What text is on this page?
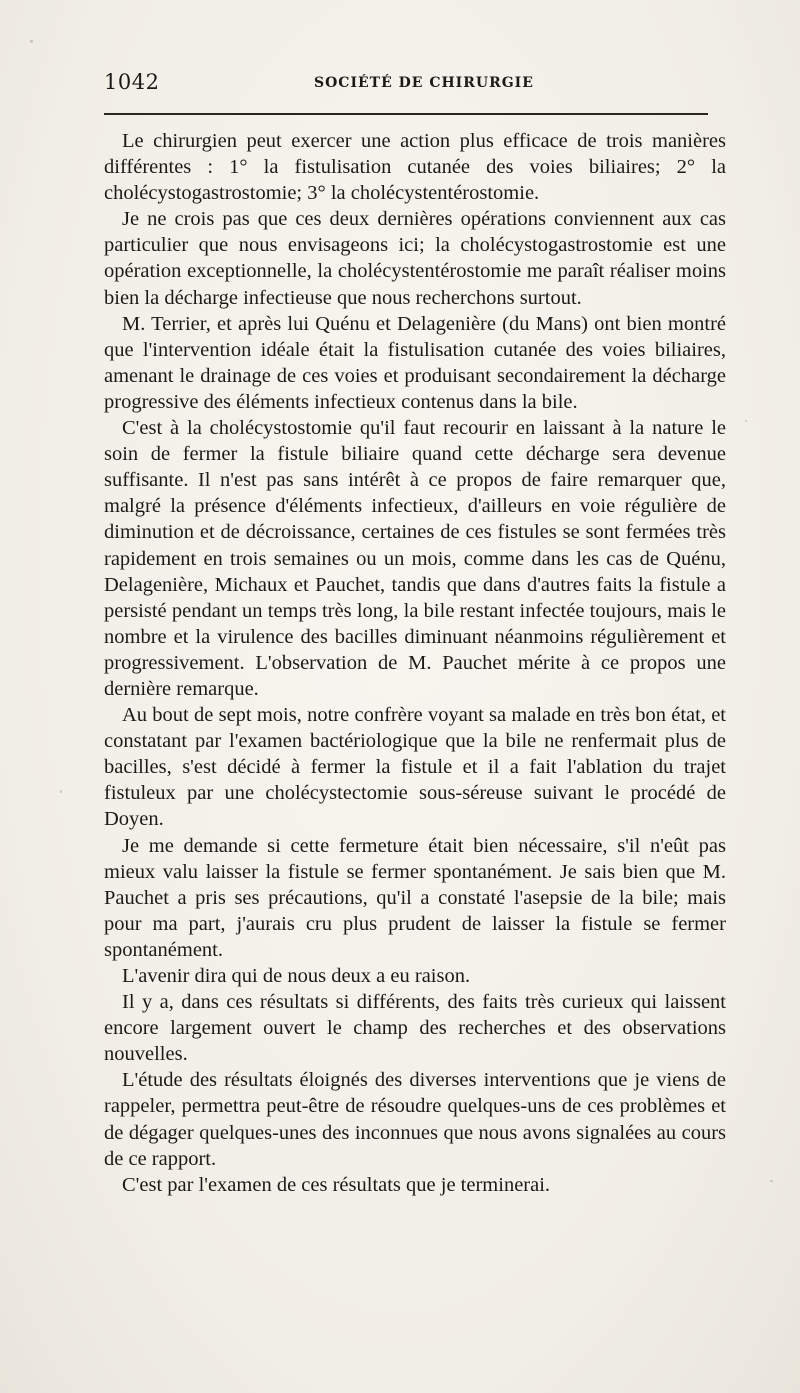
1042	SOCIÉTÉ DE CHIRURGIE

Le chirurgien peut exercer une action plus efficace de trois manières différentes : 1° la fistulisation cutanée des voies biliaires; 2° la cholécystogastrostomie; 3° la cholécystentérostomie.

Je ne crois pas que ces deux dernières opérations conviennent aux cas particulier que nous envisageons ici; la cholécystogastrostomie est une opération exceptionnelle, la cholécystentérostomie me paraît réaliser moins bien la décharge infectieuse que nous recherchons surtout.

M. Terrier, et après lui Quénu et Delagenière (du Mans) ont bien montré que l'intervention idéale était la fistulisation cutanée des voies biliaires, amenant le drainage de ces voies et produisant secondairement la décharge progressive des éléments infectieux contenus dans la bile.

C'est à la cholécystostomie qu'il faut recourir en laissant à la nature le soin de fermer la fistule biliaire quand cette décharge sera devenue suffisante. Il n'est pas sans intérêt à ce propos de faire remarquer que, malgré la présence d'éléments infectieux, d'ailleurs en voie régulière de diminution et de décroissance, certaines de ces fistules se sont fermées très rapidement en trois semaines ou un mois, comme dans les cas de Quénu, Delagenière, Michaux et Pauchet, tandis que dans d'autres faits la fistule a persisté pendant un temps très long, la bile restant infectée toujours, mais le nombre et la virulence des bacilles diminuant néanmoins régulièrement et progressivement. L'observation de M. Pauchet mérite à ce propos une dernière remarque.

Au bout de sept mois, notre confrère voyant sa malade en très bon état, et constatant par l'examen bactériologique que la bile ne renfermait plus de bacilles, s'est décidé à fermer la fistule et il a fait l'ablation du trajet fistuleux par une cholécystectomie sous-séreuse suivant le procédé de Doyen.

Je me demande si cette fermeture était bien nécessaire, s'il n'eût pas mieux valu laisser la fistule se fermer spontanément. Je sais bien que M. Pauchet a pris ses précautions, qu'il a constaté l'asepsie de la bile; mais pour ma part, j'aurais cru plus prudent de laisser la fistule se fermer spontanément.

L'avenir dira qui de nous deux a eu raison.

Il y a, dans ces résultats si différents, des faits très curieux qui laissent encore largement ouvert le champ des recherches et des observations nouvelles.

L'étude des résultats éloignés des diverses interventions que je viens de rappeler, permettra peut-être de résoudre quelques-uns de ces problèmes et de dégager quelques-unes des inconnues que nous avons signalées au cours de ce rapport.

C'est par l'examen de ces résultats que je terminerai.
